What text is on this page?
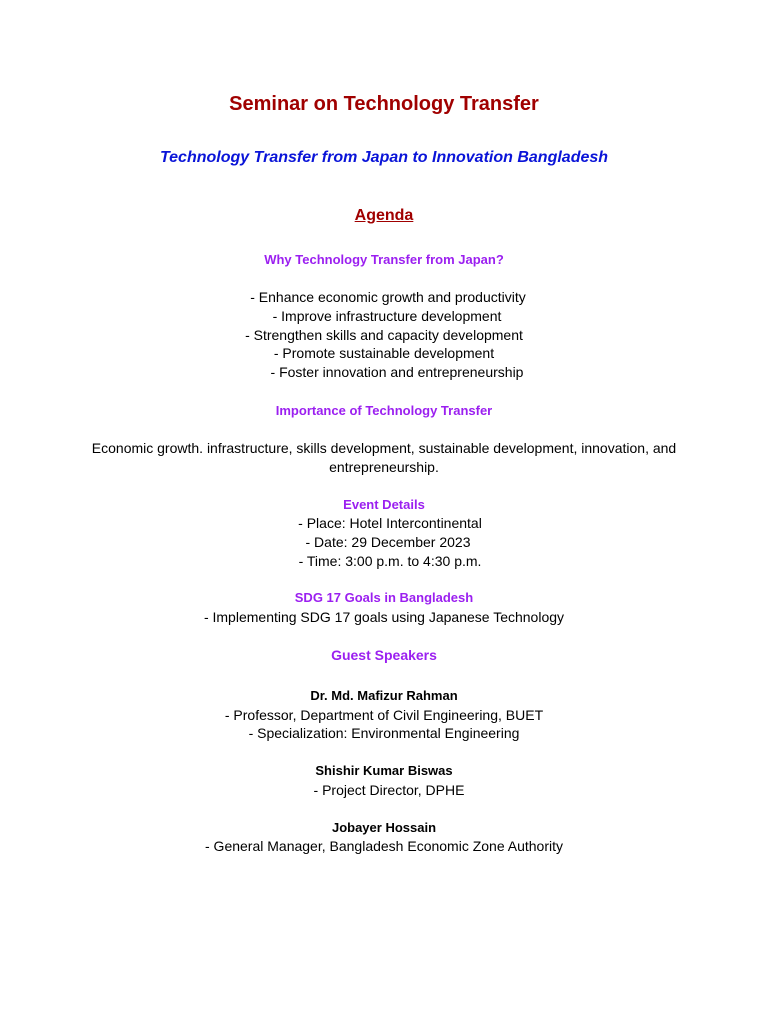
Seminar on Technology Transfer
Technology Transfer from Japan to Innovation Bangladesh
Agenda
Why Technology Transfer from Japan?
- Enhance economic growth and productivity
- Improve infrastructure development
- Strengthen skills and capacity development
- Promote sustainable development
- Foster innovation and entrepreneurship
Importance of Technology Transfer
Economic growth. infrastructure, skills development, sustainable development, innovation, and entrepreneurship.
Event Details
- Place: Hotel Intercontinental
- Date: 29 December 2023
- Time: 3:00 p.m. to 4:30 p.m.
SDG 17 Goals in Bangladesh
- Implementing SDG 17 goals using Japanese Technology
Guest Speakers
Dr. Md. Mafizur Rahman
- Professor, Department of Civil Engineering, BUET
- Specialization: Environmental Engineering
Shishir Kumar Biswas
- Project Director, DPHE
Jobayer Hossain
- General Manager, Bangladesh Economic Zone Authority
